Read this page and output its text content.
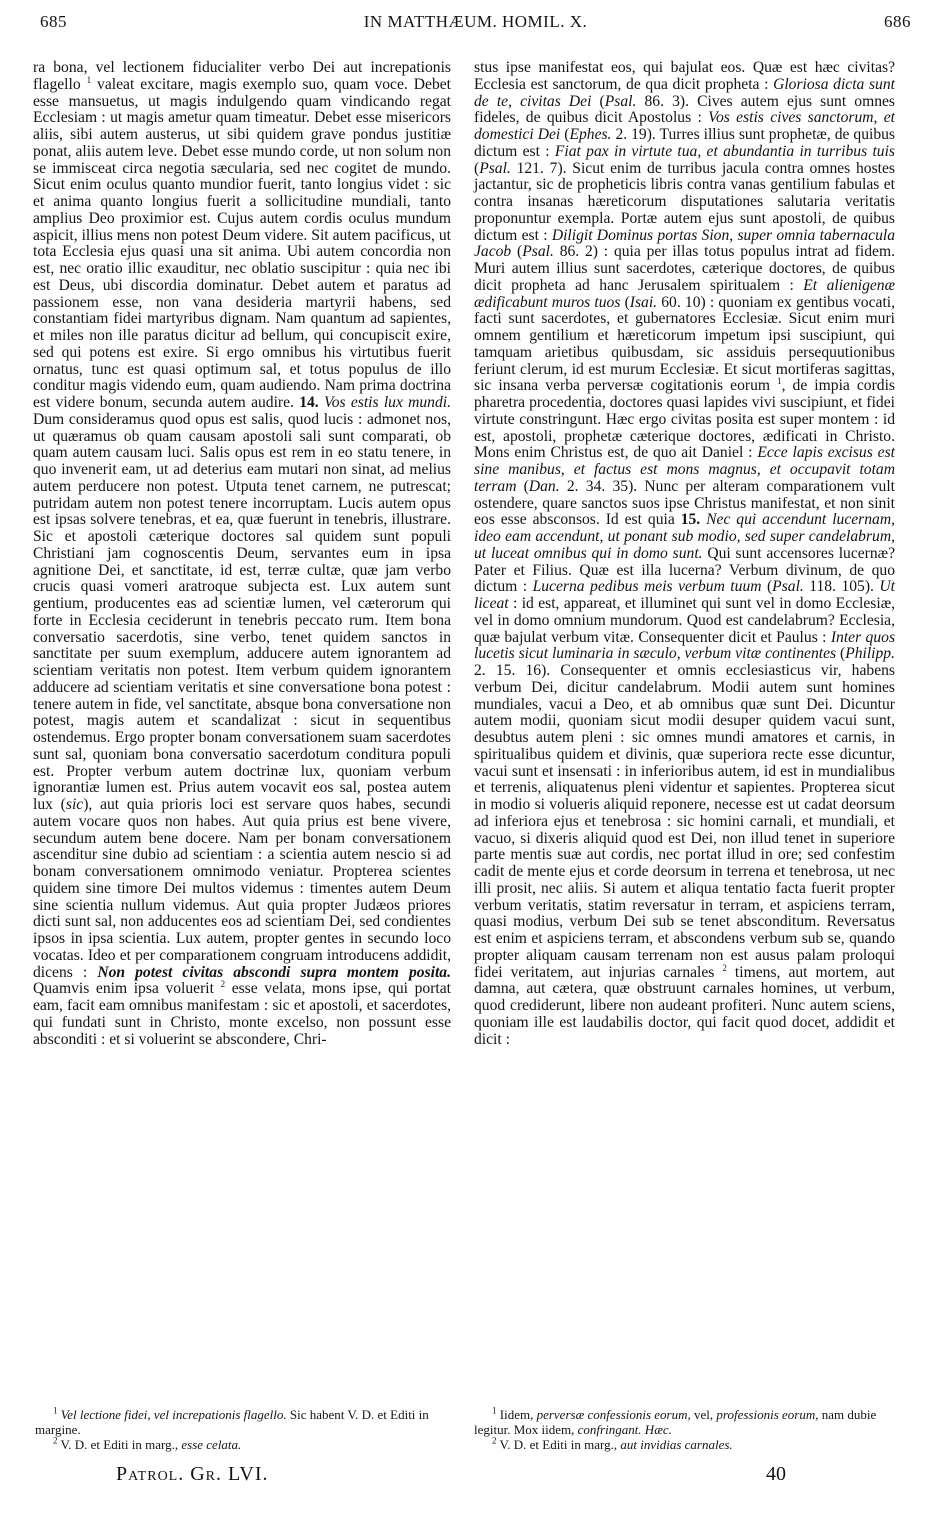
685	IN MATTHÆUM. HOMIL. X.	686

ra bona, vel lectionem fiducialiter verbo Dei aut increpationis flagello $^1$ valeat excitare, magis exemplo suo, quam voce. Debet esse mansuetus, ut magis indulgendo quam vindicando regat Ecclesiam : ut magis ametur quam timeatur. Debet esse misericors aliis, sibi autem austerus, ut sibi quidem grave pondus justitiæ ponat, aliis autem leve. Debet esse mundo corde, ut non solum non se immisceat circa negotia sæcularia, sed nec cogitet de mundo. Sicut enim oculus quanto mundior fuerit, tanto longius videt : sic et anima quanto longius fuerit a sollicitudine mundiali, tanto amplius Deo proximior est. Cujus autem cordis oculus mundum aspicit, illius mens non potest Deum videre. Sit autem pacificus, ut tota Ecclesia ejus quasi una sit anima. Ubi autem concordia non est, nec oratio illic exauditur, nec oblatio suscipitur : quia nec ibi est Deus, ubi discordia dominatur. Debet autem et paratus ad passionem esse, non vana desideria martyrii habens, sed constantiam fidei martyribus dignam. Nam quantum ad sapientes, et miles non ille paratus dicitur ad bellum, qui concupiscit exire, sed qui potens est exire. Si ergo omnibus his virtutibus fuerit ornatus, tunc est quasi optimum sal, et totus populus de illo conditur magis videndo eum, quam audiendo. Nam prima doctrina est videre bonum, secunda autem audire. 14. Vos estis lux mundi. Dum consideramus quod opus est salis, quod lucis : admonet nos, ut quæramus ob quam causam apostoli sali sunt comparati, ob quam autem causam luci. Salis opus est rem in eo statu tenere, in quo invenerit eam, ut ad deterius eam mutari non sinat, ad melius autem perducere non potest. Utputa tenet carnem, ne putrescat; putridam autem non potest tenere incorruptam. Lucis autem opus est ipsas solvere tenebras, et ea, quæ fuerunt in tenebris, illustrare. Sic et apostoli cæterique doctores sal quidem sunt populi Christiani jam cognoscentis Deum, servantes eum in ipsa agnitione Dei, et sanctitate, id est, terræ cultæ, quæ jam verbo crucis quasi vomeri aratroque subjecta est. Lux autem sunt gentium, producentes eas ad scientiæ lumen, vel cæterorum qui forte in Ecclesia ceciderunt in tenebris peccato rum. Item bona conversatio sacerdotis, sine verbo, tenet quidem sanctos in sanctitate per suum exemplum, adducere autem ignorantem ad scientiam veritatis non potest. Item verbum quidem ignorantem adducere ad scientiam veritatis et sine conversatione bona potest : tenere autem in fide, vel sanctitate, absque bona conversatione non potest, magis autem et scandalizat : sicut in sequentibus ostendemus. Ergo propter bonam conversationem suam sacerdotes sunt sal, quoniam bona conversatio sacerdotum conditura populi est. Propter verbum autem doctrinæ lux, quoniam verbum ignorantiæ lumen est. Prius autem vocavit eos sal, postea autem lux (sic), aut quia prioris loci est servare quos habes, secundi autem vocare quos non habes. Aut quia prius est bene vivere, secundum autem bene docere. Nam per bonam conversationem ascenditur sine dubio ad scientiam : a scientia autem nescio si ad bonam conversationem omnimodo veniatur. Propterea scientes quidem sine timore Dei multos videmus : timentes autem Deum sine scientia nullum videmus. Aut quia propter Judæos priores dicti sunt sal, non adducentes eos ad scientiam Dei, sed condientes ipsos in ipsa scientia. Lux autem, propter gentes in secundo loco vocatas. Ideo et per comparationem congruam introducens addidit, dicens : Non potest civitas abscondi supra montem posita. Quamvis enim ipsa voluerit $^2$ esse velata, mons ipse, qui portat eam, facit eam omnibus manifestam : sic et apostoli, et sacerdotes, qui fundati sunt in Christo, monte excelso, non possunt esse absconditi : et si voluerint se abscondere, Chri-

stus ipse manifestat eos, qui bajulat eos. Quæ est hæc civitas? Ecclesia est sanctorum, de qua dicit propheta : Gloriosa dicta sunt de te, civitas Dei (Psal. 86. 3). Cives autem ejus sunt omnes fideles, de quibus dicit Apostolus : Vos estis cives sanctorum, et domestici Dei (Ephes. 2. 19). Turres illius sunt prophetæ, de quibus dictum est : Fiat pax in virtute tua, et abundantia in turribus tuis (Psal. 121. 7). Sicut enim de turribus jacula contra omnes hostes jactantur, sic de propheticis libris contra vanas gentilium fabulas et contra insanas hæreticorum disputationes salutaria veritatis proponuntur exempla. Portæ autem ejus sunt apostoli, de quibus dictum est : Diligit Dominus portas Sion, super omnia tabernacula Jacob (Psal. 86. 2) : quia per illas totus populus intrat ad fidem. Muri autem illius sunt sacerdotes, cæterique doctores, de quibus dicit propheta ad hanc Jerusalem spiritualem : Et alienigenæ ædificabunt muros tuos (Isai. 60. 10) : quoniam ex gentibus vocati, facti sunt sacerdotes, et gubernatores Ecclesiæ. Sicut enim muri omnem gentilium et hæreticorum impetum ipsi suscipiunt, qui tamquam arietibus quibusdam, sic assiduis persequutionibus feriunt clerum, id est murum Ecclesiæ. Et sicut mortiferas sagittas, sic insana verba perversæ cogitationis eorum $^1$, de impia cordis pharetra procedentia, doctores quasi lapides vivi suscipiunt, et fidei virtute constringunt. Hæc ergo civitas posita est super montem : id est, apostoli, prophetæ cæterique doctores, ædificati in Christo. Mons enim Christus est, de quo ait Daniel : Ecce lapis excisus est sine manibus, et factus est mons magnus, et occupavit totam terram (Dan. 2. 34. 35). Nunc per alteram comparationem vult ostendere, quare sanctos suos ipse Christus manifestat, et non sinit eos esse absconsos. Id est quia 15. Nec qui accendunt lucernam, ideo eam accendunt, ut ponant sub modio, sed super candelabrum, ut luceat omnibus qui in domo sunt. Qui sunt accensores lucernæ? Pater et Filius. Quæ est illa lucerna? Verbum divinum, de quo dictum : Lucerna pedibus meis verbum tuum (Psal. 118. 105). Ut liceat : id est, appareat, et illuminet qui sunt vel in domo Ecclesiæ, vel in domo omnium mundorum. Quod est candelabrum? Ecclesia, quæ bajulat verbum vitæ. Consequenter dicit et Paulus : Inter quos lucetis sicut luminaria in sæculo, verbum vitæ continentes (Philipp. 2. 15. 16). Consequenter et omnis ecclesiasticus vir, habens verbum Dei, dicitur candelabrum. Modii autem sunt homines mundiales, vacui a Deo, et ab omnibus quæ sunt Dei. Dicuntur autem modii, quoniam sicut modii desuper quidem vacui sunt, desubtus autem pleni : sic omnes mundi amatores et carnis, in spiritualibus quidem et divinis, quæ superiora recte esse dicuntur, vacui sunt et insensati : in inferioribus autem, id est in mundialibus et terrenis, aliquatenus pleni videntur et sapientes. Propterea sicut in modio si volueris aliquid reponere, necesse est ut cadat deorsum ad inferiora ejus et tenebrosa : sic homini carnali, et mundiali, et vacuo, si dixeris aliquid quod est Dei, non illud tenet in superiore parte mentis suæ aut cordis, nec portat illud in ore; sed confestim cadit de mente ejus et corde deorsum in terrena et tenebrosa, ut nec illi prosit, nec aliis. Si autem et aliqua tentatio facta fuerit propter verbum veritatis, statim reversatur in terram, et aspiciens terram, quasi modius, verbum Dei sub se tenet absconditum. Reversatus est enim et aspiciens terram, et abscondens verbum sub se, quando propter aliquam causam terrenam non est ausus palam proloqui fidei veritatem, aut injurias carnales $^2$ timens, aut mortem, aut damna, aut cætera, quæ obstruunt carnales homines, ut verbum, quod crediderunt, libere non audeant profiteri. Nunc autem sciens, quoniam ille est laudabilis doctor, qui facit quod docet, addidit et dicit :

$^1$ Vel lectione fidei, vel increpationis flagello. Sic habent V. D. et Editi in margine.

$^2$ V. D. et Editi in marg., esse celata.

$^1$ Iidem, perversæ confessionis eorum, vel, professionis eorum, nam dubie legitur. Mox iidem, confringant. Hæc.

$^2$ V. D. et Editi in marg., aut invidias carnales.

Patrol. Gr. LVI.	40
